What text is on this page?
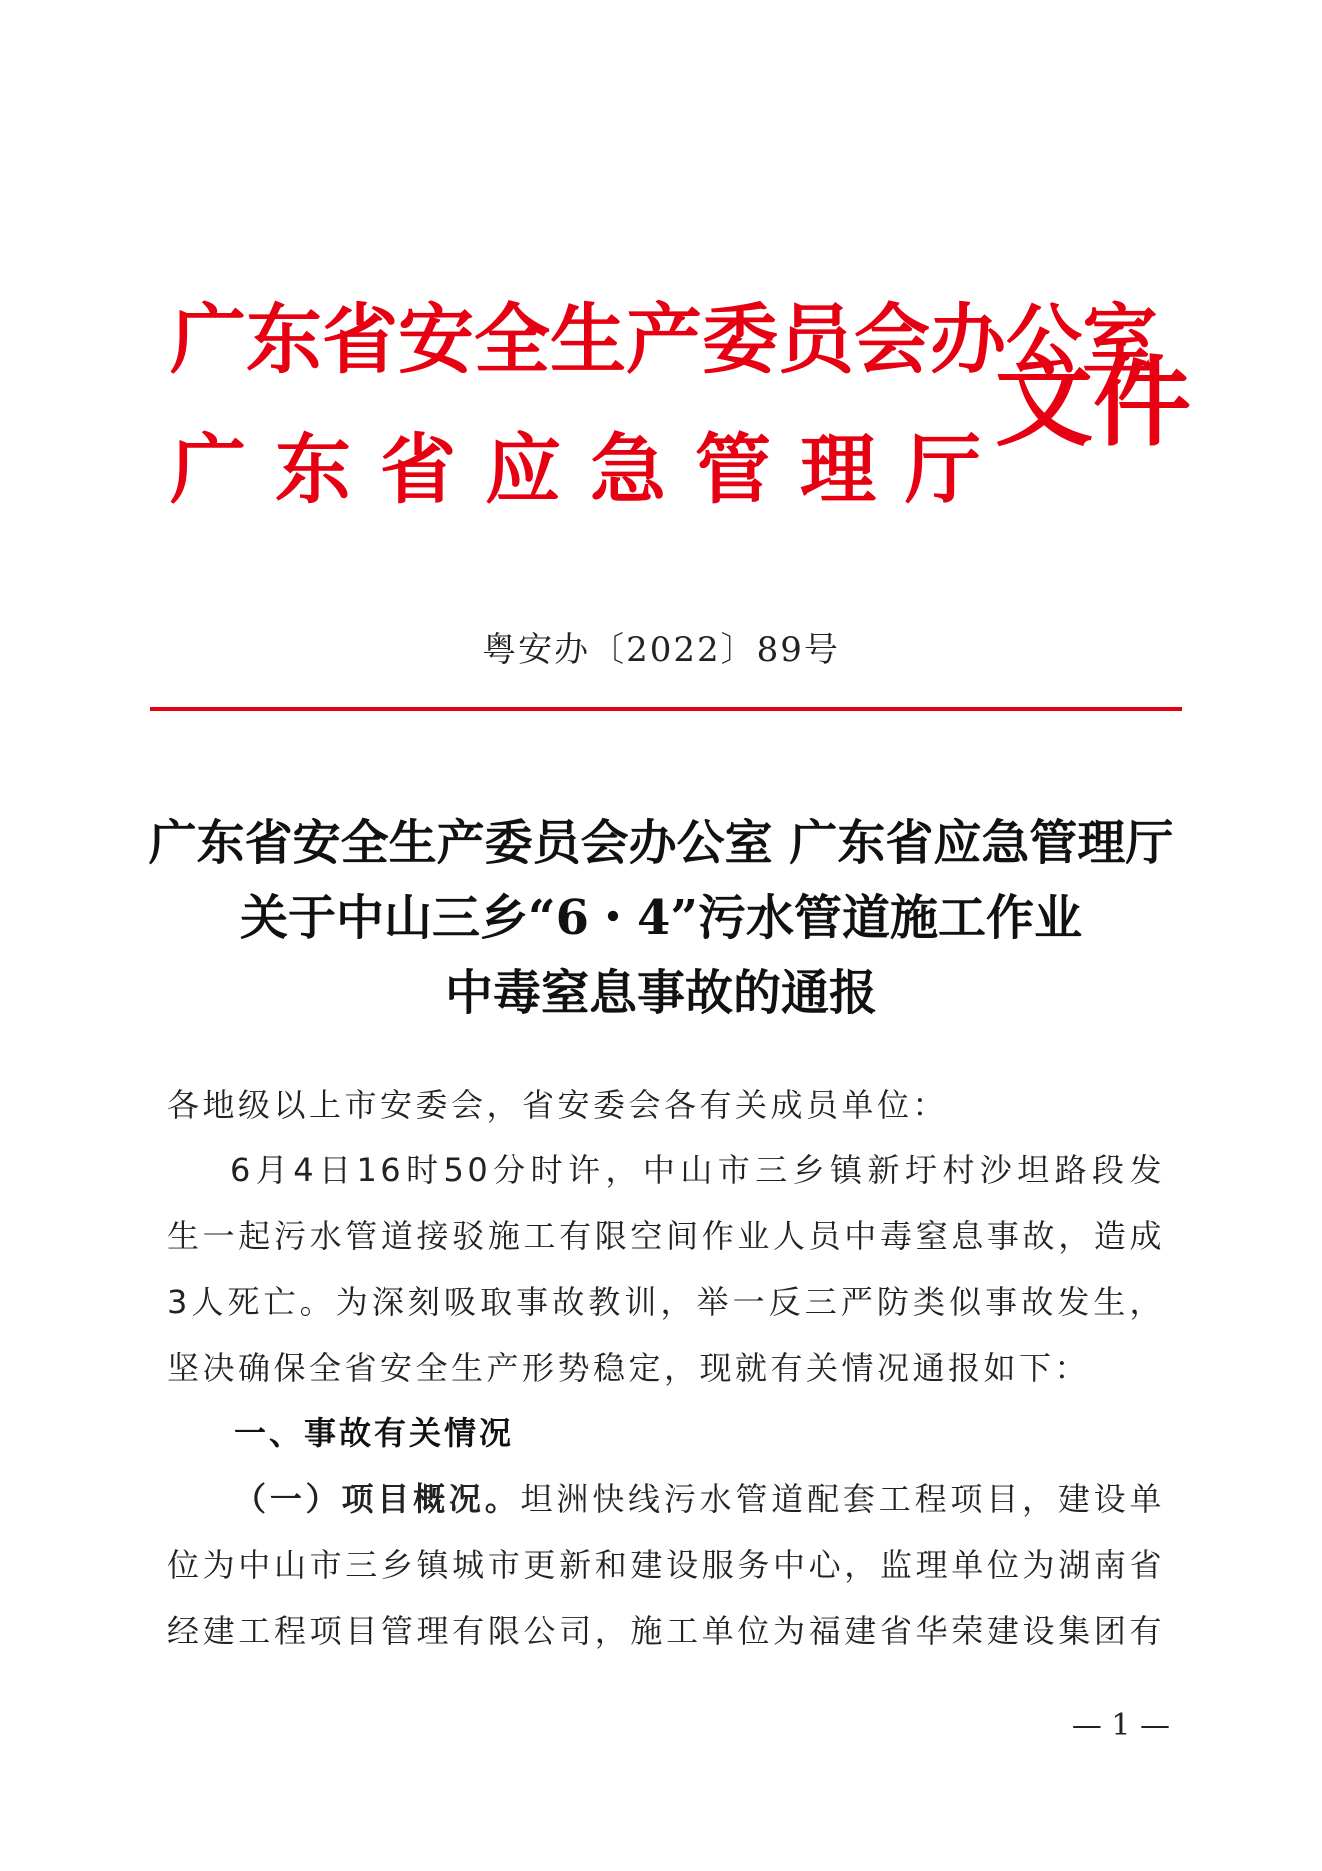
广东省安全生产委员会办公室
广 东 省 应 急 管 理 厅
文件
粤安办〔2022〕89号
广东省安全生产委员会办公室 广东省应急管理厅
关于中山三乡“6・4”污水管道施工作业
中毒窒息事故的通报
各地级以上市安委会，省安委会各有关成员单位：
6月4日16时50分时许，中山市三乡镇新圩村沙坦路段发
生一起污水管道接驳施工有限空间作业人员中毒窒息事故，造成
3人死亡。为深刻吸取事故教训，举一反三严防类似事故发生，
坚决确保全省安全生产形势稳定，现就有关情况通报如下：
一、事故有关情况
（一）项目概况。坦洲快线污水管道配套工程项目，建设单
位为中山市三乡镇城市更新和建设服务中心，监理单位为湖南省
经建工程项目管理有限公司，施工单位为福建省华荣建设集团有
— 1 —
